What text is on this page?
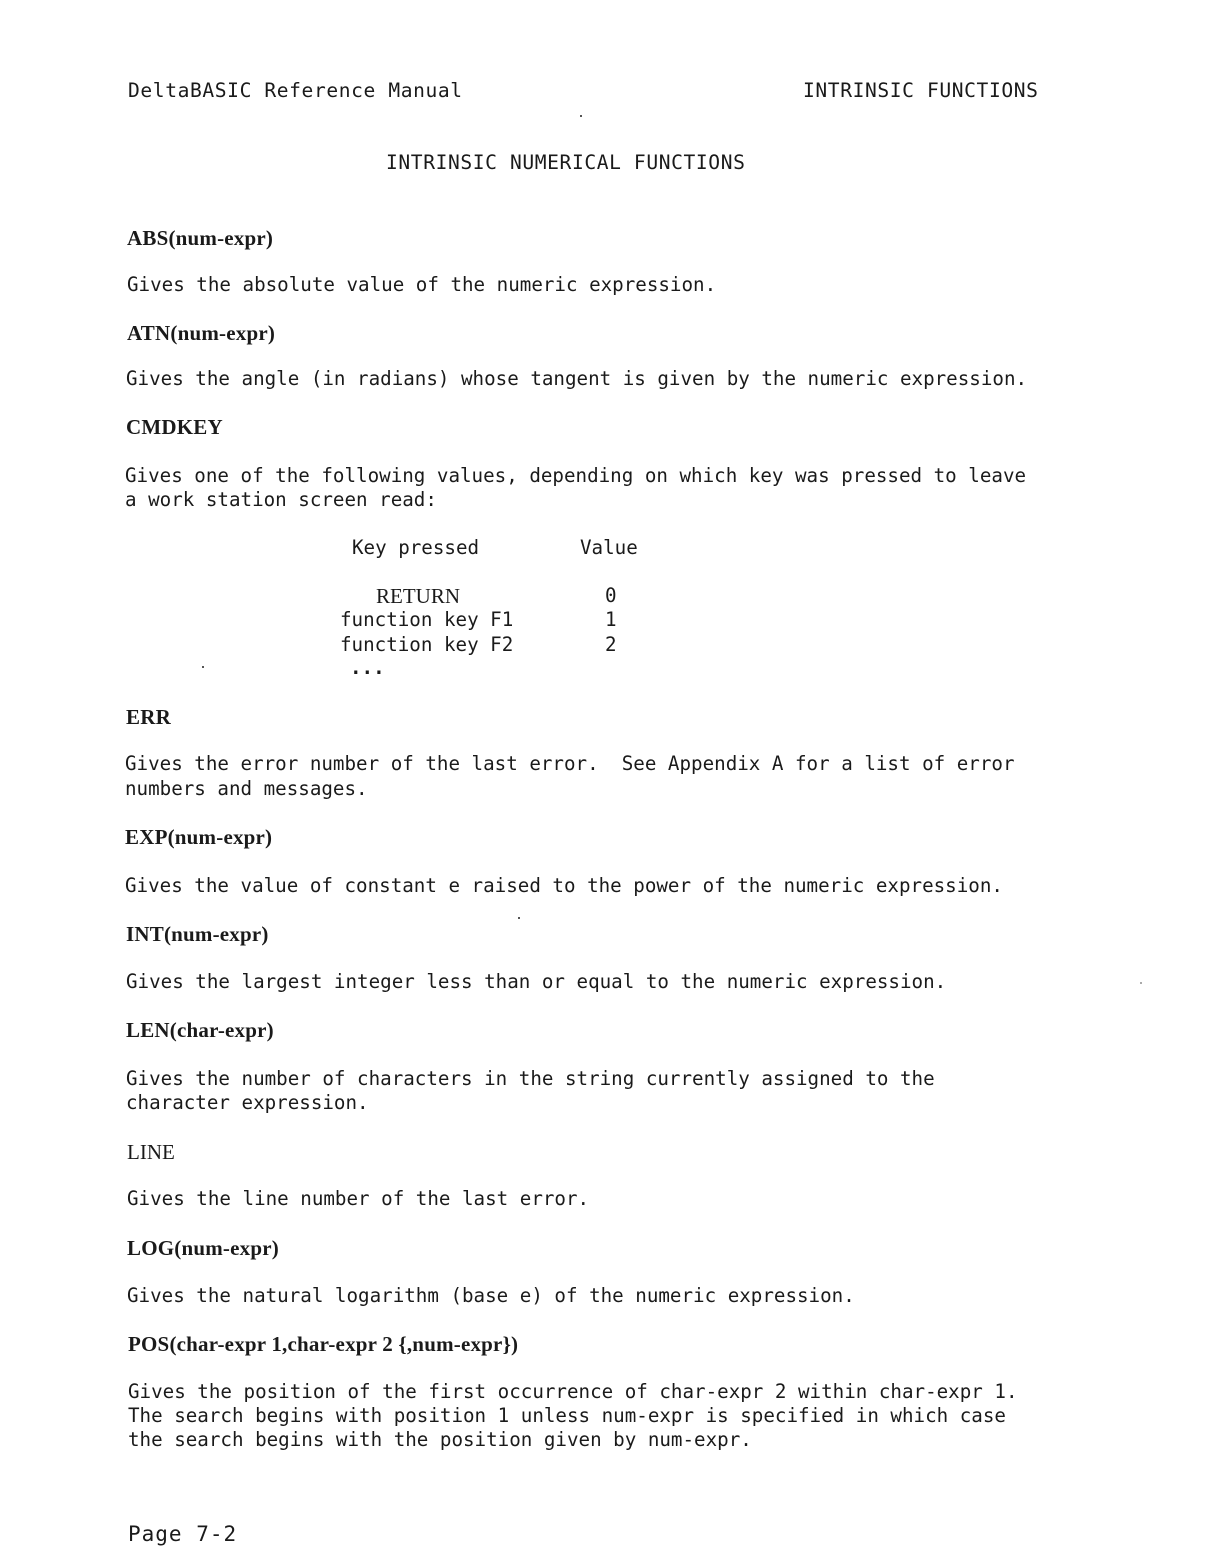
DeltaBASIC Reference Manual	INTRINSIC FUNCTIONS
INTRINSIC NUMERICAL FUNCTIONS
ABS(num-expr)
Gives the absolute value of the numeric expression.
ATN(num-expr)
Gives the angle (in radians) whose tangent is given by the numeric expression.
CMDKEY
Gives one of the following values, depending on which key was pressed to leave
a work station screen read:
Key pressed	Value
RETURN	0
function key F1	1
function key F2	2
...
ERR
Gives the error number of the last error.  See Appendix A for a list of error
numbers and messages.
EXP(num-expr)
Gives the value of constant e raised to the power of the numeric expression.
INT(num-expr)
Gives the largest integer less than or equal to the numeric expression.
LEN(char-expr)
Gives the number of characters in the string currently assigned to the
character expression.
LINE
Gives the line number of the last error.
LOG(num-expr)
Gives the natural logarithm (base e) of the numeric expression.
POS(char-expr 1,char-expr 2 {,num-expr})
Gives the position of the first occurrence of char-expr 2 within char-expr 1.
The search begins with position 1 unless num-expr is specified in which case
the search begins with the position given by num-expr.
Page 7-2
